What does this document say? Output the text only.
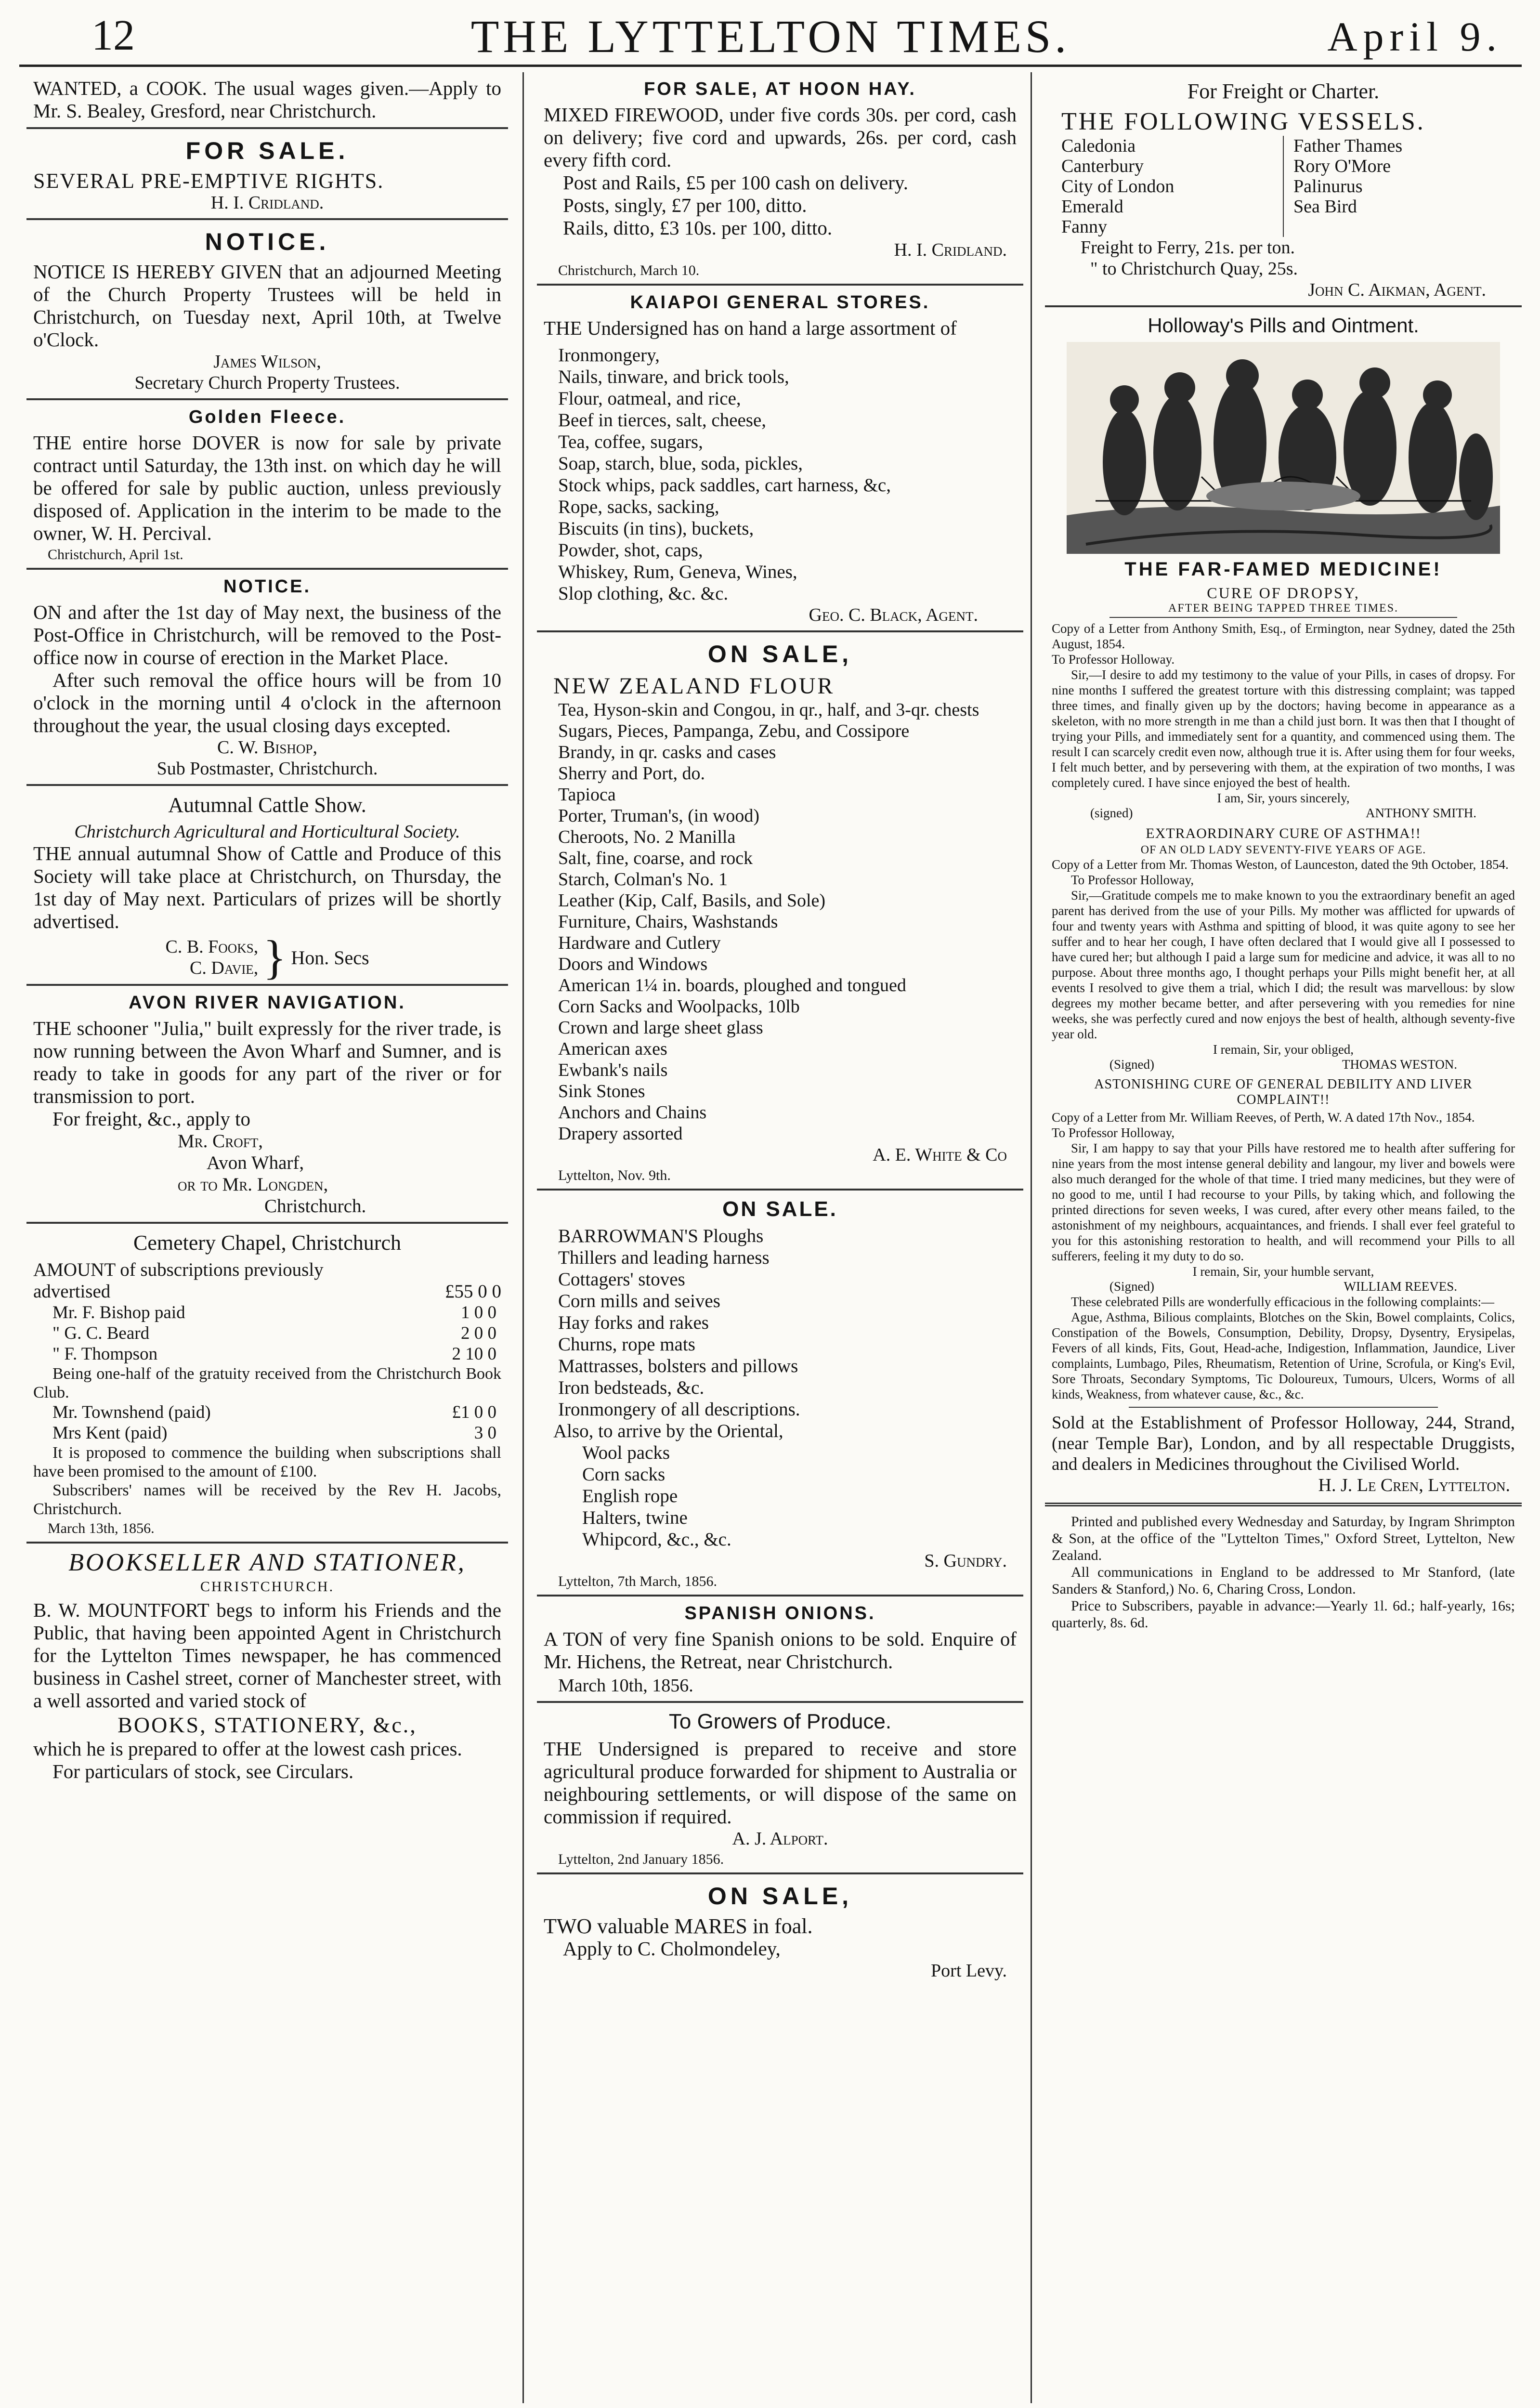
12	THE LYTTELTON TIMES.	April 9.

WANTED, a COOK. The usual wages given.—Apply to Mr. S. Bealey, Gresford, near Christchurch.

FOR SALE.

SEVERAL PRE-EMPTIVE RIGHTS.

H. I. Cridland.
NOTICE.

NOTICE IS HEREBY GIVEN that an adjourned Meeting of the Church Property Trustees will be held in Christchurch, on Tuesday next, April 10th, at Twelve o'Clock.

James Wilson,
Secretary Church Property Trustees.
Golden Fleece.

THE entire horse DOVER is now for sale by private contract until Saturday, the 13th inst. on which day he will be offered for sale by public auction, unless previously disposed of. Application in the interim to be made to the owner, W. H. Percival.

Christchurch, April 1st.
NOTICE.

ON and after the 1st day of May next, the business of the Post-Office in Christchurch, will be removed to the Post-office now in course of erection in the Market Place.

After such removal the office hours will be from 10 o'clock in the morning until 4 o'clock in the afternoon throughout the year, the usual closing days excepted.

C. W. Bishop,
Sub Postmaster, Christchurch.
Autumnal Cattle Show.
Christchurch Agricultural and Horticultural Society.

THE annual autumnal Show of Cattle and Produce of this Society will take place at Christchurch, on Thursday, the 1st day of May next. Particulars of prizes will be shortly advertised.

C. B. Fooks,
C. Davie, } Hon. Secs
AVON RIVER NAVIGATION.

THE schooner "Julia," built expressly for the river trade, is now running between the Avon Wharf and Sumner, and is ready to take in goods for any part of the river or for transmission to port.

For freight, &c., apply to

Mr. Croft,
Avon Wharf,
or to Mr. Longden,
Christchurch.
Cemetery Chapel, Christchurch
AMOUNT of subscriptions previously advertised	£55 0 0
Mr. F. Bishop paid	1 0 0
" G. C. Beard	2 0 0
" F. Thompson	2 10 0

Being one-half of the gratuity received from the Christchurch Book Club.

Mr. Townshend (paid)	£1 0 0
Mrs Kent (paid)	3 0

It is proposed to commence the building when subscriptions shall have been promised to the amount of £100.

Subscribers' names will be received by the Rev H. Jacobs, Christchurch.

March 13th, 1856.
BOOKSELLER AND STATIONER,
CHRISTCHURCH.

B. W. MOUNTFORT begs to inform his Friends and the Public, that having been appointed Agent in Christchurch for the Lyttelton Times newspaper, he has commenced business in Cashel street, corner of Manchester street, with a well assorted and varied stock of

BOOKS, STATIONERY, &c.,

which he is prepared to offer at the lowest cash prices.

For particulars of stock, see Circulars.

FOR SALE, AT HOON HAY.

MIXED FIREWOOD, under five cords 30s. per cord, cash on delivery; five cord and upwards, 26s. per cord, cash every fifth cord.

Post and Rails, £5 per 100 cash on delivery.

Posts, singly, £7 per 100, ditto.

Rails, ditto, £3 10s. per 100, ditto.

H. I. Cridland.
Christchurch, March 10.
KAIAPOI GENERAL STORES.

THE Undersigned has on hand a large assortment of

Ironmongery,
Nails, tinware, and brick tools,
Flour, oatmeal, and rice,
Beef in tierces, salt, cheese,
Tea, coffee, sugars,
Soap, starch, blue, soda, pickles,
Stock whips, pack saddles, cart harness, &c,
Rope, sacks, sacking,
Biscuits (in tins), buckets,
Powder, shot, caps,
Whiskey, Rum, Geneva, Wines,
Slop clothing, &c. &c.
Geo. C. Black, Agent.
ON SALE,
NEW ZEALAND FLOUR
Tea, Hyson-skin and Congou, in qr., half, and 3-qr. chests
Sugars, Pieces, Pampanga, Zebu, and Cossipore
Brandy, in qr. casks and cases
Sherry and Port, do.
Tapioca
Porter, Truman's, (in wood)
Cheroots, No. 2 Manilla
Salt, fine, coarse, and rock
Starch, Colman's No. 1
Leather (Kip, Calf, Basils, and Sole)
Furniture, Chairs, Washstands
Hardware and Cutlery
Doors and Windows
American 1¼ in. boards, ploughed and tongued
Corn Sacks and Woolpacks, 10lb
Crown and large sheet glass
American axes
Ewbank's nails
Sink Stones
Anchors and Chains
Drapery assorted
A. E. White & Co
Lyttelton, Nov. 9th.
ON SALE.
BARROWMAN'S Ploughs
Thillers and leading harness
Cottagers' stoves
Corn mills and seives
Hay forks and rakes
Churns, rope mats
Mattrasses, bolsters and pillows
Iron bedsteads, &c.
Ironmongery of all descriptions.
Also, to arrive by the Oriental,
Wool packs
Corn sacks
English rope
Halters, twine
Whipcord, &c., &c.
S. Gundry.
Lyttelton, 7th March, 1856.
SPANISH ONIONS.

A TON of very fine Spanish onions to be sold. Enquire of Mr. Hichens, the Retreat, near Christchurch.

March 10th, 1856.
To Growers of Produce.

THE Undersigned is prepared to receive and store agricultural produce forwarded for shipment to Australia or neighbouring settlements, or will dispose of the same on commission if required.

A. J. Alport.
Lyttelton, 2nd January 1856.
ON SALE,

TWO valuable MARES in foal.

Apply to C. Cholmondeley,

Port Levy.
For Freight or Charter.
THE FOLLOWING VESSELS.
Caledonia
Canterbury
City of London
Emerald
Fanny
Father Thames
Rory O'More
Palinurus
Sea Bird
Freight to Ferry, 21s. per ton.
" to Christchurch Quay, 25s.
John C. Aikman, Agent.
Holloway's Pills and Ointment.
THE FAR-FAMED MEDICINE!
CURE OF DROPSY,
AFTER BEING TAPPED THREE TIMES.

Copy of a Letter from Anthony Smith, Esq., of Ermington, near Sydney, dated the 25th August, 1854.

To Professor Holloway.

Sir,—I desire to add my testimony to the value of your Pills, in cases of dropsy. For nine months I suffered the greatest torture with this distressing complaint; was tapped three times, and finally given up by the doctors; having become in appearance as a skeleton, with no more strength in me than a child just born. It was then that I thought of trying your Pills, and immediately sent for a quantity, and commenced using them. The result I can scarcely credit even now, although true it is. After using them for four weeks, I felt much better, and by persevering with them, at the expiration of two months, I was completely cured. I have since enjoyed the best of health.

I am, Sir, yours sincerely,

(signed)	ANTHONY SMITH.
EXTRAORDINARY CURE OF ASTHMA!!
OF AN OLD LADY SEVENTY-FIVE YEARS OF AGE.

Copy of a Letter from Mr. Thomas Weston, of Launceston, dated the 9th October, 1854.

To Professor Holloway,

Sir,—Gratitude compels me to make known to you the extraordinary benefit an aged parent has derived from the use of your Pills. My mother was afflicted for upwards of four and twenty years with Asthma and spitting of blood, it was quite agony to see her suffer and to hear her cough, I have often declared that I would give all I possessed to have cured her; but although I paid a large sum for medicine and advice, it was all to no purpose. About three months ago, I thought perhaps your Pills might benefit her, at all events I resolved to give them a trial, which I did; the result was marvellous: by slow degrees my mother became better, and after persevering with you remedies for nine weeks, she was perfectly cured and now enjoys the best of health, although seventy-five year old.

I remain, Sir, your obliged,

(Signed)	THOMAS WESTON.
ASTONISHING CURE OF GENERAL DEBILITY AND LIVER COMPLAINT!!

Copy of a Letter from Mr. William Reeves, of Perth, W. A dated 17th Nov., 1854.

To Professor Holloway,

Sir, I am happy to say that your Pills have restored me to health after suffering for nine years from the most intense general debility and langour, my liver and bowels were also much deranged for the whole of that time. I tried many medicines, but they were of no good to me, until I had recourse to your Pills, by taking which, and following the printed directions for seven weeks, I was cured, after every other means failed, to the astonishment of my neighbours, acquaintances, and friends. I shall ever feel grateful to you for this astonishing restoration to health, and will recommend your Pills to all sufferers, feeling it my duty to do so.

I remain, Sir, your humble servant,

(Signed)	WILLIAM REEVES.

These celebrated Pills are wonderfully efficacious in the following complaints:—

Ague, Asthma, Bilious complaints, Blotches on the Skin, Bowel complaints, Colics, Constipation of the Bowels, Consumption, Debility, Dropsy, Dysentry, Erysipelas, Fevers of all kinds, Fits, Gout, Head-ache, Indigestion, Inflammation, Jaundice, Liver complaints, Lumbago, Piles, Rheumatism, Retention of Urine, Scrofula, or King's Evil, Sore Throats, Secondary Symptoms, Tic Doloureux, Tumours, Ulcers, Worms of all kinds, Weakness, from whatever cause, &c., &c.

Sold at the Establishment of Professor Holloway, 244, Strand, (near Temple Bar), London, and by all respectable Druggists, and dealers in Medicines throughout the Civilised World.

H. J. Le Cren, Lyttelton.

Printed and published every Wednesday and Saturday, by Ingram Shrimpton & Son, at the office of the "Lyttelton Times," Oxford Street, Lyttelton, New Zealand.

All communications in England to be addressed to Mr Stanford, (late Sanders & Stanford,) No. 6, Charing Cross, London.

Price to Subscribers, payable in advance:—Yearly 1l. 6d.; half-yearly, 16s; quarterly, 8s. 6d.
